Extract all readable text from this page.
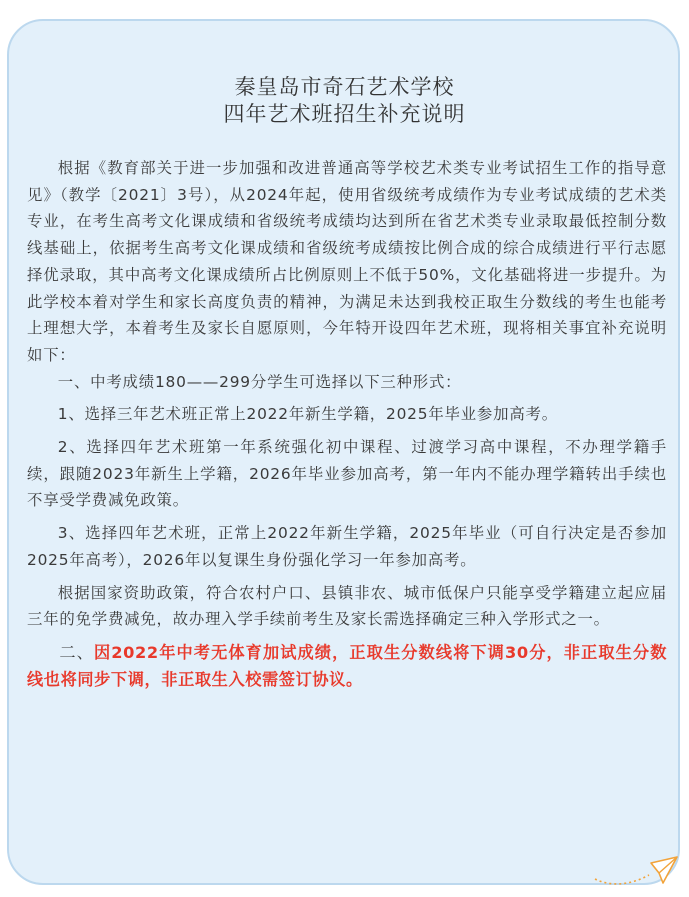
秦皇岛市奇石艺术学校
四年艺术班招生补充说明

根据《教育部关于进一步加强和改进普通高等学校艺术类专业考试招生工作的指导意见》（教学〔2021〕3号），从2024年起，使用省级统考成绩作为专业考试成绩的艺术类专业，在考生高考文化课成绩和省级统考成绩均达到所在省艺术类专业录取最低控制分数线基础上，依据考生高考文化课成绩和省级统考成绩按比例合成的综合成绩进行平行志愿择优录取，其中高考文化课成绩所占比例原则上不低于50%，文化基础将进一步提升。为此学校本着对学生和家长高度负责的精神，为满足未达到我校正取生分数线的考生也能考上理想大学，本着考生及家长自愿原则，今年特开设四年艺术班，现将相关事宜补充说明如下：

一、中考成绩180——299分学生可选择以下三种形式：

1、选择三年艺术班正常上2022年新生学籍，2025年毕业参加高考。

2、选择四年艺术班第一年系统强化初中课程、过渡学习高中课程，不办理学籍手续，跟随2023年新生上学籍，2026年毕业参加高考，第一年内不能办理学籍转出手续也不享受学费减免政策。

3、选择四年艺术班，正常上2022年新生学籍，2025年毕业（可自行决定是否参加2025年高考），2026年以复课生身份强化学习一年参加高考。

根据国家资助政策，符合农村户口、县镇非农、城市低保户只能享受学籍建立起应届三年的免学费减免，故办理入学手续前考生及家长需选择确定三种入学形式之一。

二、因2022年中考无体育加试成绩，正取生分数线将下调30分，非正取生分数线也将同步下调，非正取生入校需签订协议。
